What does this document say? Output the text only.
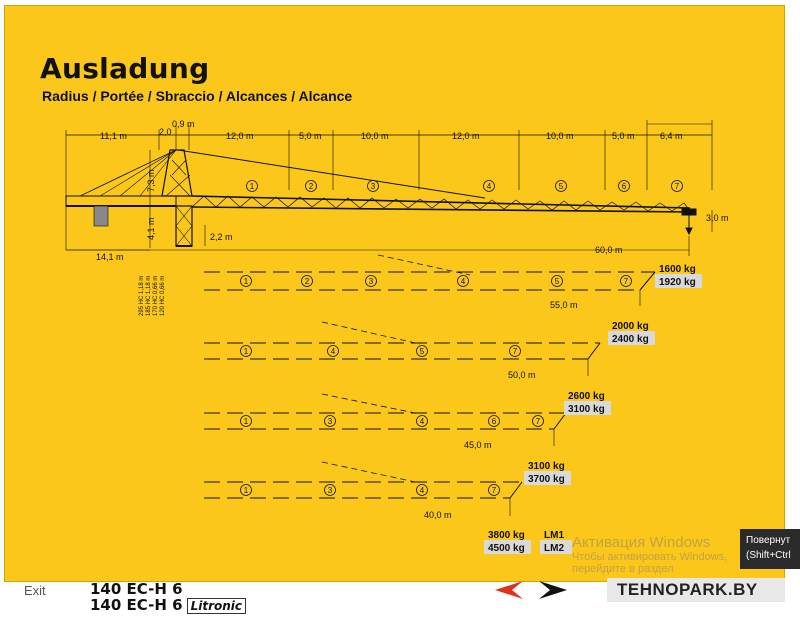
11,1 m	2,0
0,9 m
12,0 m	5,0 m	10,0 m	12,0 m	10,0 m	5,0 m	6,4 m
7,3 m
4,1 m	2,2 m
14,1 m
3,0 m
295 HC 1,18 m 185 HC 1,18 m 170 HC 0,66 m 120 HC 0,66 m
60,0 m
55,0 m
50,0 m
45,0 m
40,0 m
1600 kg
1920 kg
2000 kg
2400 kg
2600 kg
3100 kg
3100 kg
3700 kg
3800 kg
4500 kg
LM1
LM2
1	2	3	4	5	6	7
1	2	3	4	5	7
1	4	5	7
1	3	4	6	7
1	3	4	7
Ausladung
Radius / Portée / Sbraccio / Alcances / Alcance
Exit	140 EC-H 6
140 EC-H 6 Litronic
TEHNOPARK.BY
Активация Windows
Чтобы активировать Windows, перейдите в раздел
Повернут
(Shift+Ctrl
